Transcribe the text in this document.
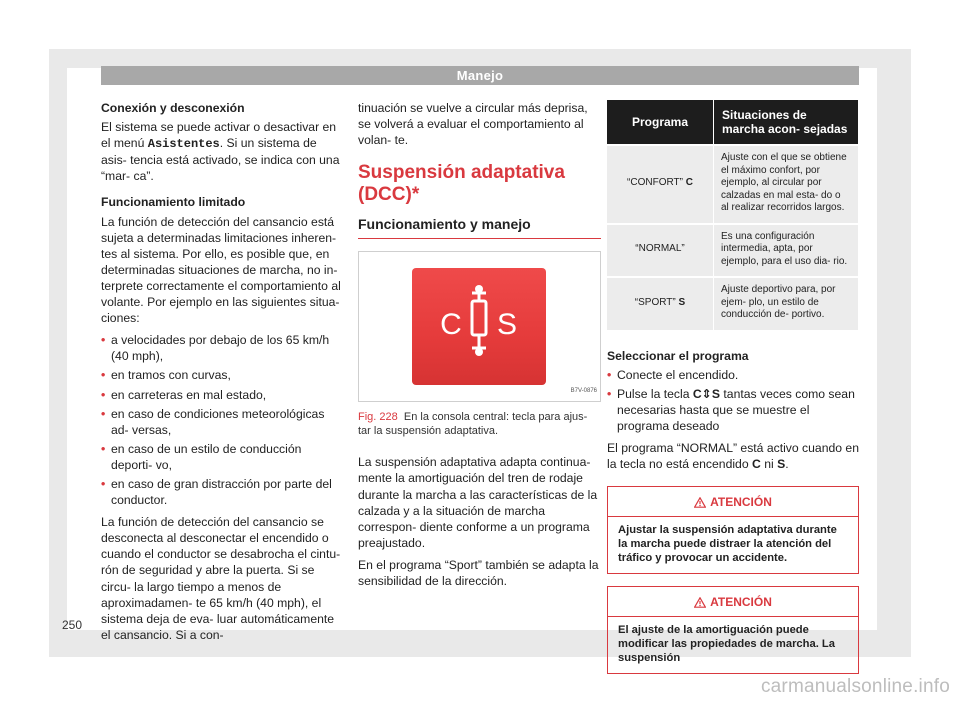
Manejo

Conexión y desconexión

El sistema se puede activar o desactivar en el menú Asistentes. Si un sistema de asis- tencia está activado, se indica con una “mar- ca”.

Funcionamiento limitado

La función de detección del cansancio está sujeta a determinadas limitaciones inheren- tes al sistema. Por ello, es posible que, en determinadas situaciones de marcha, no in- terprete correctamente el comportamiento al volante. Por ejemplo en las siguientes situa- ciones:

• a velocidades por debajo de los 65 km/h (40 mph),
• en tramos con curvas,
• en carreteras en mal estado,
• en caso de condiciones meteorológicas ad- versas,
• en caso de un estilo de conducción deporti- vo,
• en caso de gran distracción por parte del conductor.

La función de detección del cansancio se desconecta al desconectar el encendido o cuando el conductor se desabrocha el cintu- rón de seguridad y abre la puerta. Si se circu- la largo tiempo a menos de aproximadamen- te 65 km/h (40 mph), el sistema deja de eva- luar automáticamente el cansancio. Si a con-

tinuación se vuelve a circular más deprisa, se volverá a evaluar el comportamiento al volan- te.

Suspensión adaptativa (DCC)*
Funcionamiento y manejo
C S
B7V-0876
Fig. 228 En la consola central: tecla para ajus- tar la suspensión adaptativa.

La suspensión adaptativa adapta continua- mente la amortiguación del tren de rodaje durante la marcha a las características de la calzada y a la situación de marcha correspon- diente conforme a un programa preajustado.

En el programa “Sport” también se adapta la sensibilidad de la dirección.

Programa	Situaciones de marcha acon- sejadas
“CONFORT” C	Ajuste con el que se obtiene el máximo confort, por ejemplo, al circular por calzadas en mal esta- do o al realizar recorridos largos.
“NORMAL”	Es una configuración intermedia, apta, por ejemplo, para el uso dia- rio.
“SPORT” S	Ajuste deportivo para, por ejem- plo, un estilo de conducción de- portivo.

Seleccionar el programa

• Conecte el encendido.
• Pulse la tecla C⇕S tantas veces como sean necesarias hasta que se muestre el programa deseado

El programa “NORMAL” está activo cuando en la tecla no está encendido C ni S.

ATENCIÓN
Ajustar la suspensión adaptativa durante la marcha puede distraer la atención del tráfico y provocar un accidente.
ATENCIÓN
El ajuste de la amortiguación puede modificar las propiedades de marcha. La suspensión
250
carmanualsonline.info
